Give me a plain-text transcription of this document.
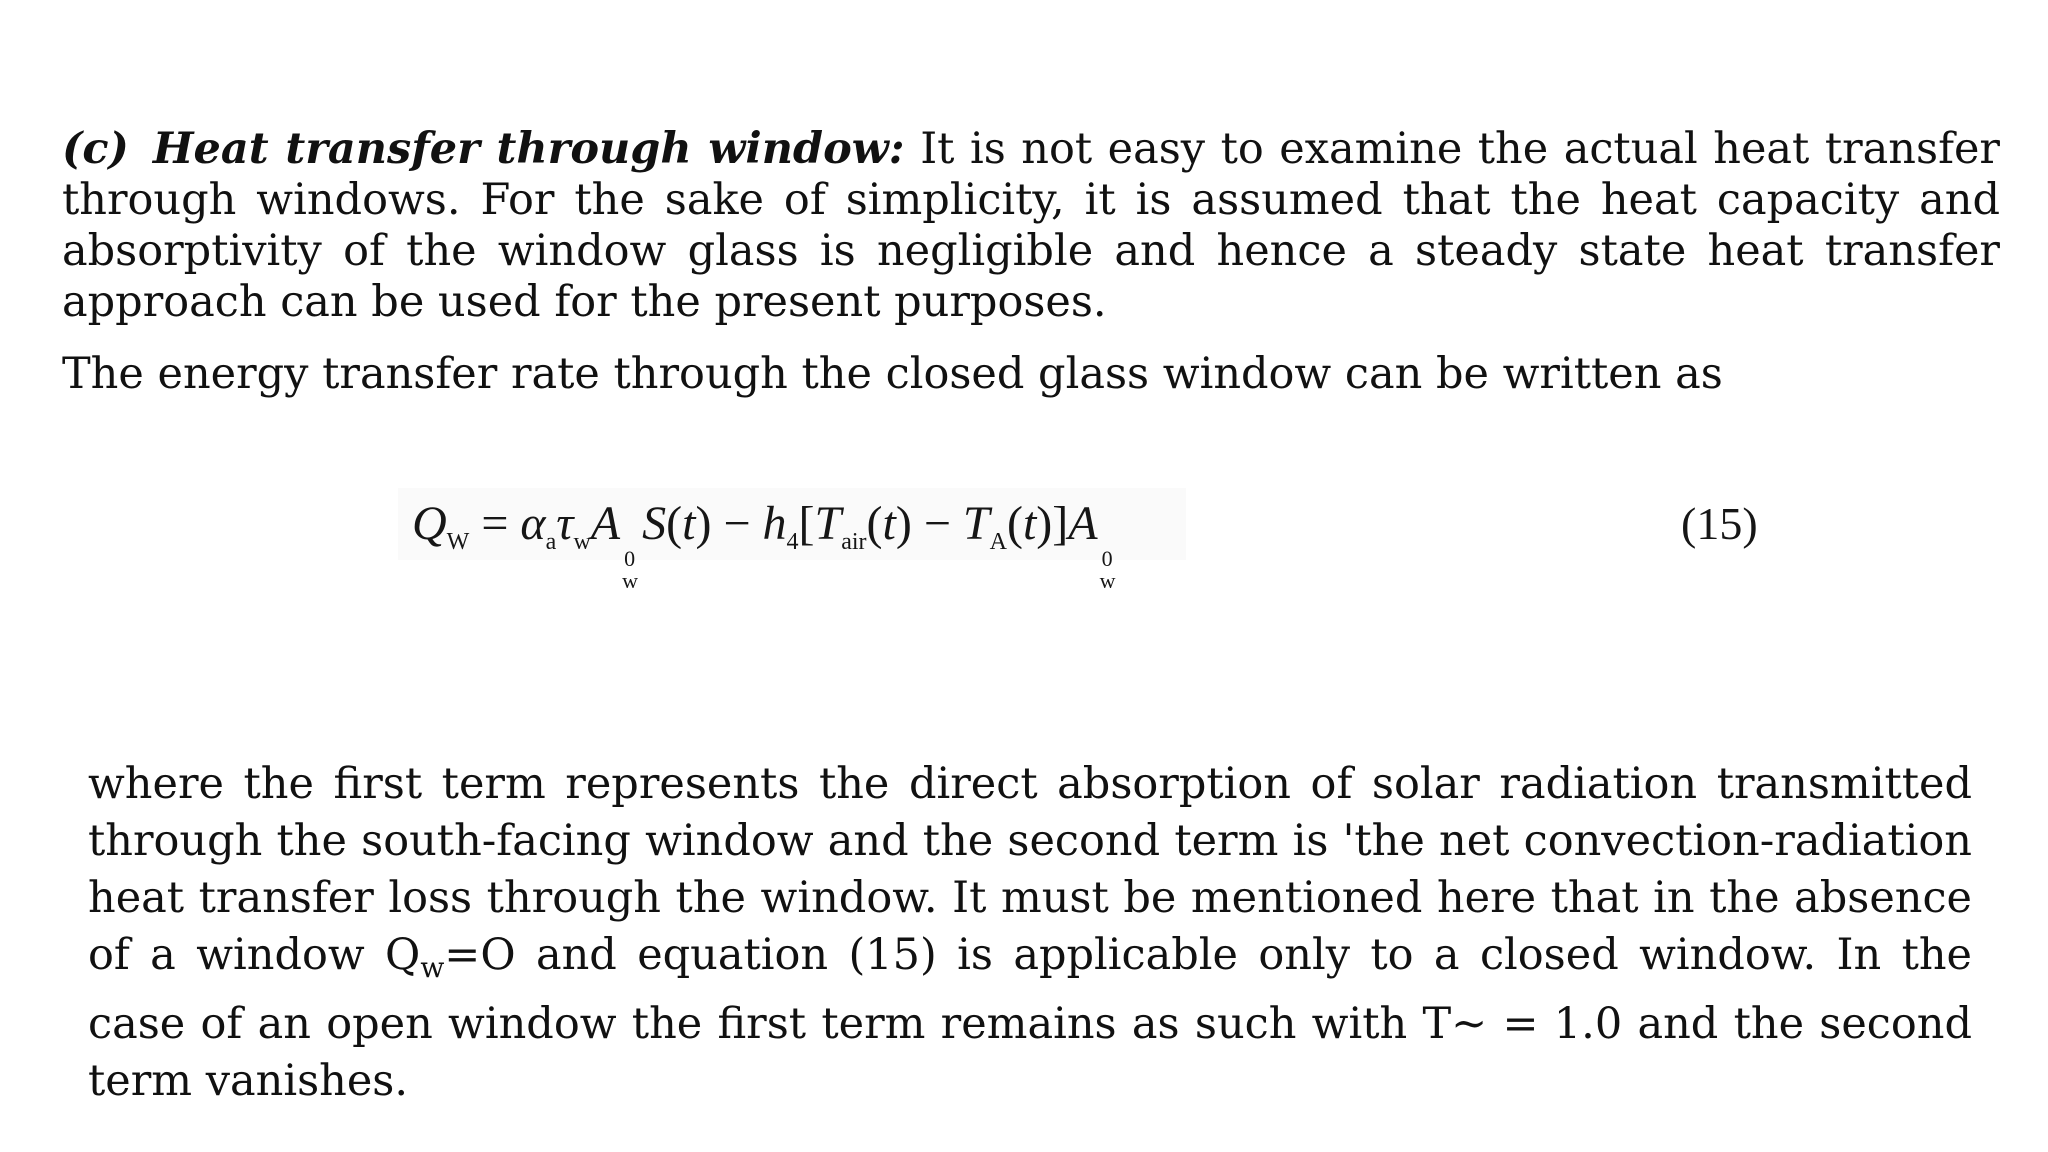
(c) Heat transfer through window: It is not easy to examine the actual heat transfer through windows. For the sake of simplicity, it is assumed that the heat capacity and absorptivity of the window glass is negligible and hence a steady state heat transfer approach can be used for the present purposes.

The energy transfer rate through the closed glass window can be written as

$Q_W = \alpha_a\tau_wA$
0
w
$S(t) - h_4[T_{air}(t) - T_A(t)]A$
0
w
(15)

where the first term represents the direct absorption of solar radiation transmitted through the south-facing window and the second term is 'the net convection-radiation heat transfer loss through the window. It must be mentioned here that in the absence of a window $Q_w=O$ and equation (15) is applicable only to a closed window. In the case of an open window the first term remains as such with T~ = 1.0 and the second term vanishes.
